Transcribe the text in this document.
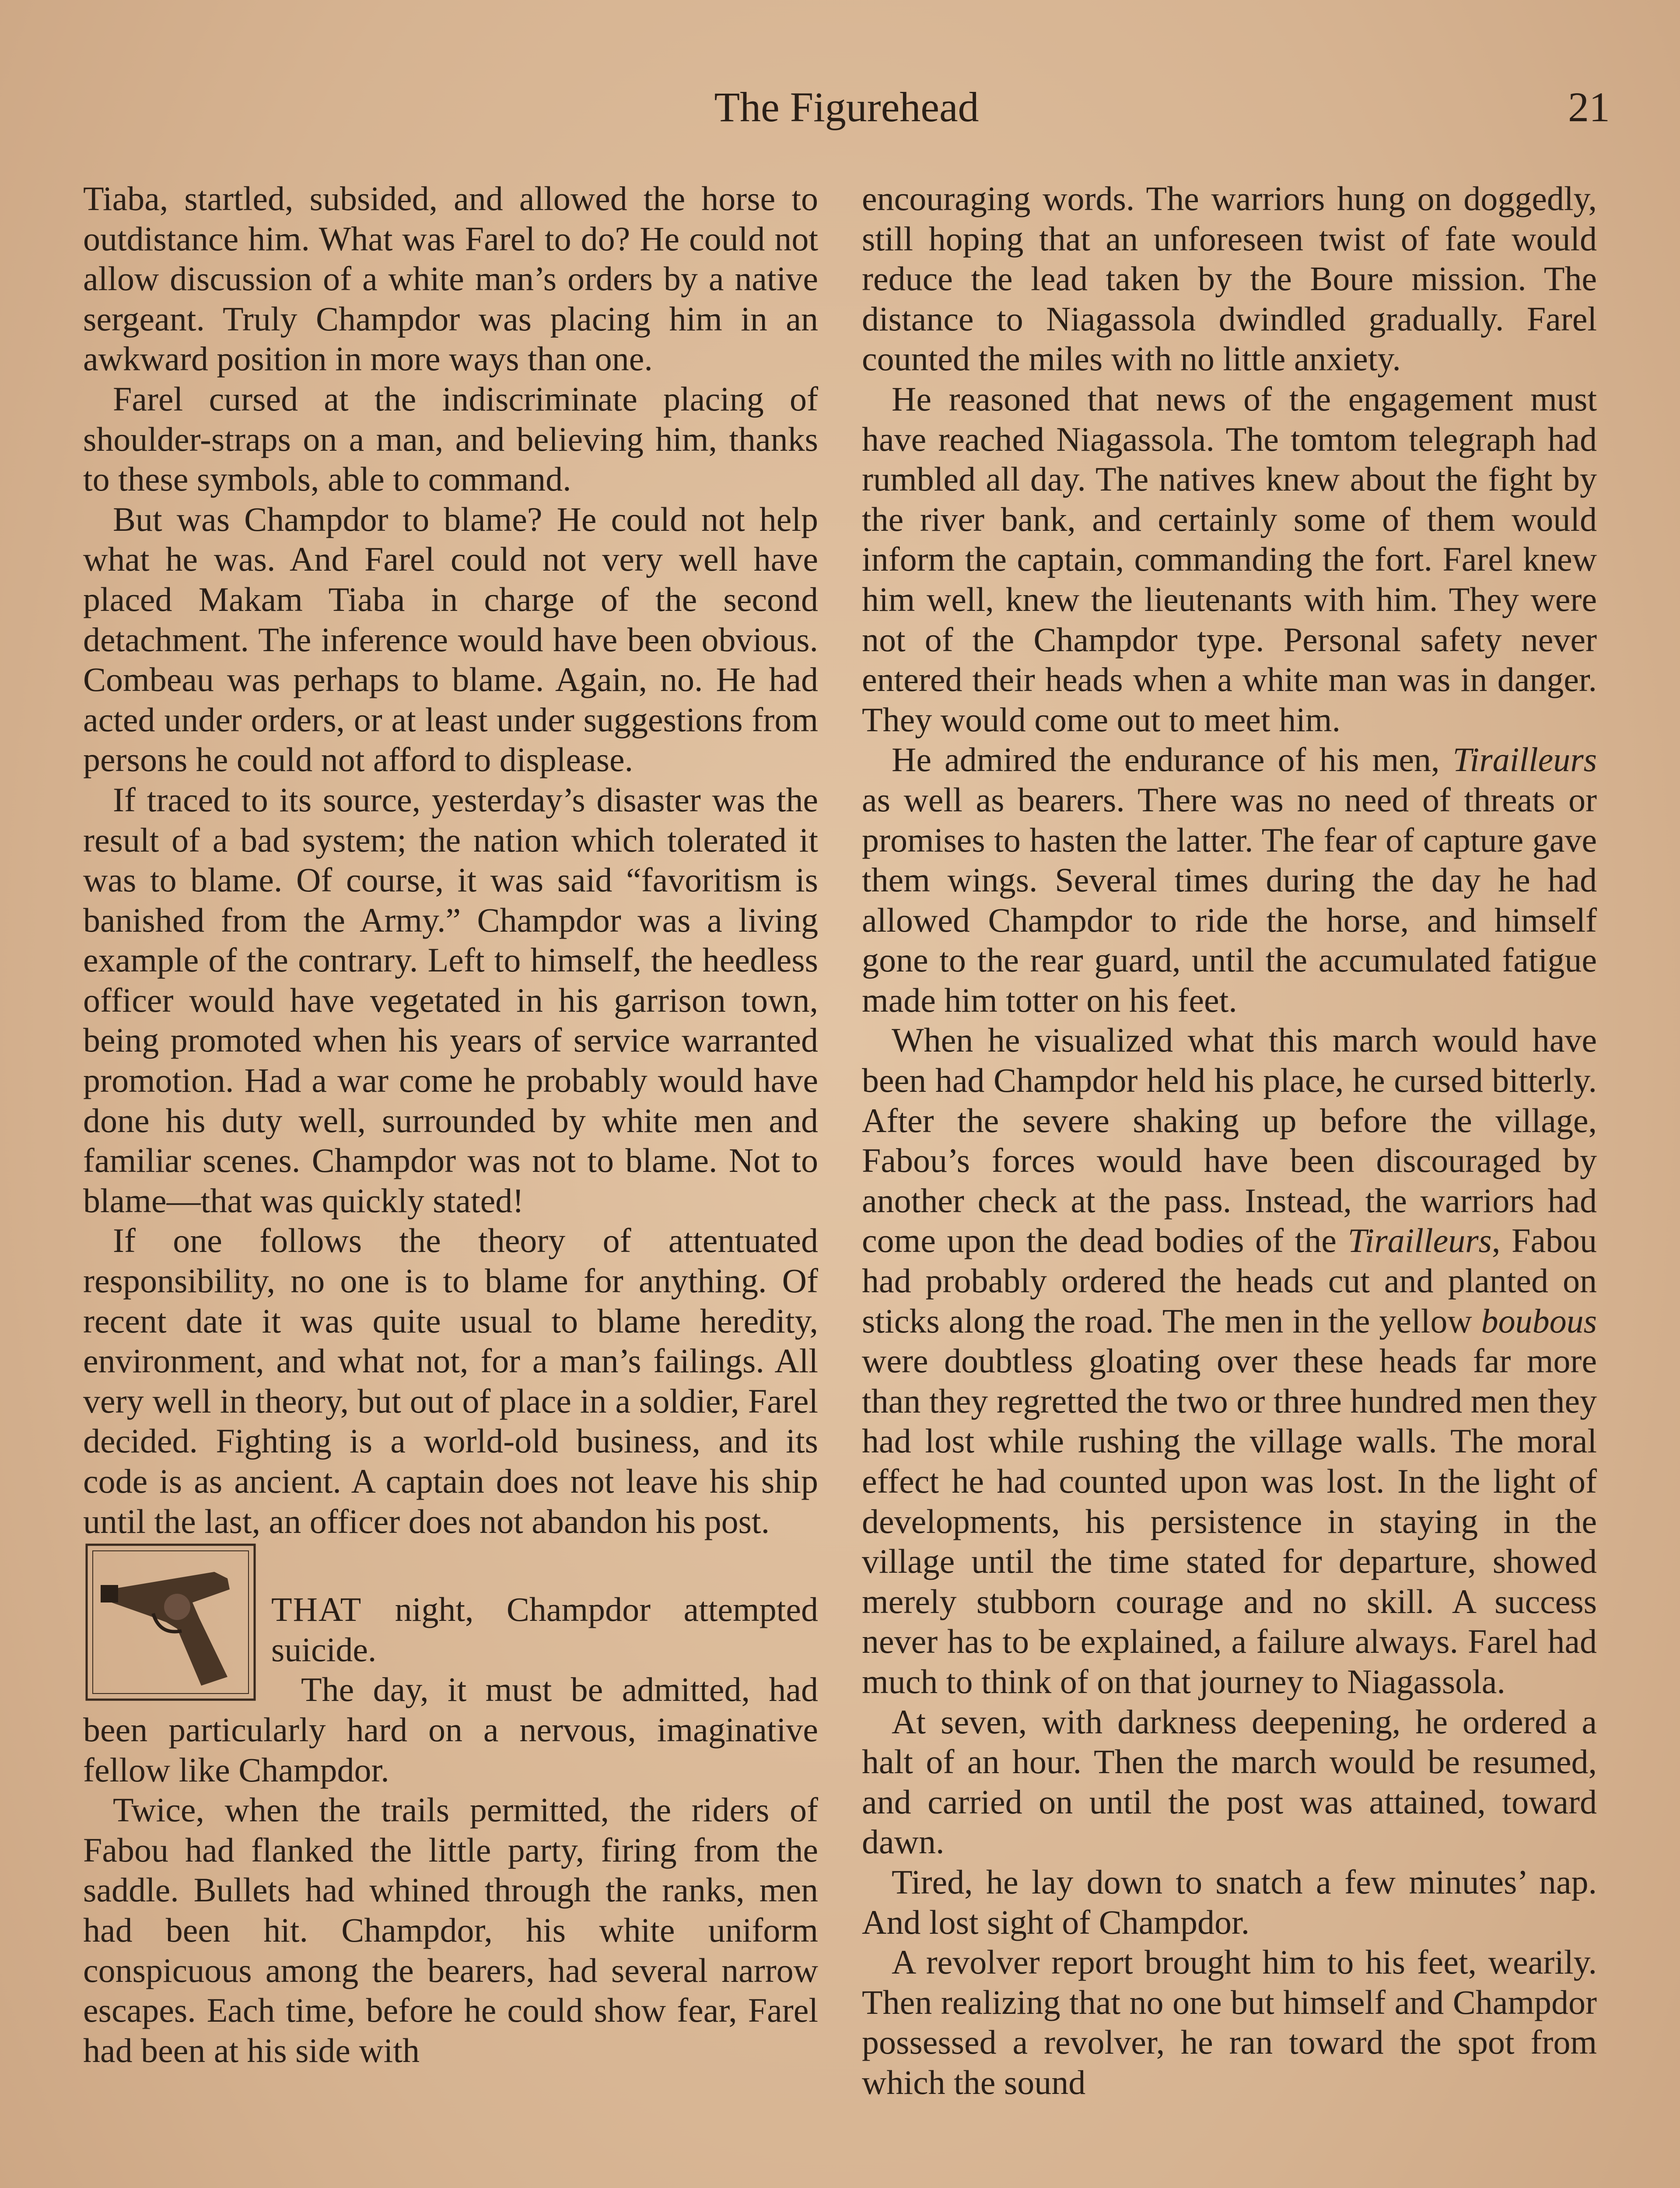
The Figurehead	21

Tiaba, startled, subsided, and allowed the horse to outdistance him. What was Farel to do? He could not allow discussion of a white man’s orders by a native sergeant. Truly Champdor was placing him in an awkward position in more ways than one.

Farel cursed at the indiscriminate placing of shoulder-straps on a man, and believing him, thanks to these symbols, able to command.

But was Champdor to blame? He could not help what he was. And Farel could not very well have placed Makam Tiaba in charge of the second detachment. The inference would have been obvious. Combeau was perhaps to blame. Again, no. He had acted under orders, or at least under suggestions from persons he could not afford to displease.

If traced to its source, yesterday’s disaster was the result of a bad system; the nation which tolerated it was to blame. Of course, it was said “favoritism is banished from the Army.” Champdor was a living example of the contrary. Left to himself, the heedless officer would have vegetated in his garrison town, being promoted when his years of service warranted promotion. Had a war come he probably would have done his duty well, surrounded by white men and familiar scenes. Champdor was not to blame. Not to blame—that was quickly stated!

If one follows the theory of attentuated responsibility, no one is to blame for anything. Of recent date it was quite usual to blame heredity, environment, and what not, for a man’s failings. All very well in theory, but out of place in a soldier, Farel decided. Fighting is a world-old business, and its code is as ancient. A captain does not leave his ship until the last, an officer does not abandon his post.

THAT night, Champdor attempted suicide.

The day, it must be admitted, had been particularly hard on a nervous, imaginative fellow like Champdor.

Twice, when the trails permitted, the riders of Fabou had flanked the little party, firing from the saddle. Bullets had whined through the ranks, men had been hit. Champdor, his white uniform conspicuous among the bearers, had several narrow escapes. Each time, before he could show fear, Farel had been at his side with

encouraging words. The warriors hung on doggedly, still hoping that an unforeseen twist of fate would reduce the lead taken by the Boure mission. The distance to Niagassola dwindled gradually. Farel counted the miles with no little anxiety.

He reasoned that news of the engagement must have reached Niagassola. The tomtom telegraph had rumbled all day. The natives knew about the fight by the river bank, and certainly some of them would inform the captain, commanding the fort. Farel knew him well, knew the lieutenants with him. They were not of the Champdor type. Personal safety never entered their heads when a white man was in danger. They would come out to meet him.

He admired the endurance of his men, Tirailleurs as well as bearers. There was no need of threats or promises to hasten the latter. The fear of capture gave them wings. Several times during the day he had allowed Champdor to ride the horse, and himself gone to the rear guard, until the accumulated fatigue made him totter on his feet.

When he visualized what this march would have been had Champdor held his place, he cursed bitterly. After the severe shaking up before the village, Fabou’s forces would have been discouraged by another check at the pass. Instead, the warriors had come upon the dead bodies of the Tirailleurs, Fabou had probably ordered the heads cut and planted on sticks along the road. The men in the yellow boubous were doubtless gloating over these heads far more than they regretted the two or three hundred men they had lost while rushing the village walls. The moral effect he had counted upon was lost. In the light of developments, his persistence in staying in the village until the time stated for departure, showed merely stubborn courage and no skill. A success never has to be explained, a failure always. Farel had much to think of on that journey to Niagassola.

At seven, with darkness deepening, he ordered a halt of an hour. Then the march would be resumed, and carried on until the post was attained, toward dawn.

Tired, he lay down to snatch a few minutes’ nap. And lost sight of Champdor.

A revolver report brought him to his feet, wearily. Then realizing that no one but himself and Champdor possessed a revolver, he ran toward the spot from which the sound
